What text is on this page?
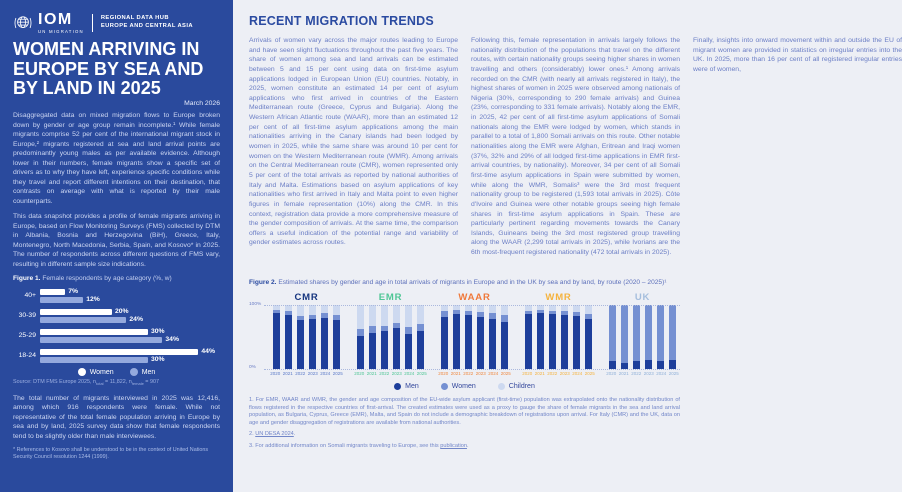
IOM
UN MIGRATION
REGIONAL DATA HUB
EUROPE AND CENTRAL ASIA
WOMEN ARRIVING IN EUROPE BY SEA AND BY LAND IN 2025
March 2026

Disaggregated data on mixed migration flows to Europe broken down by gender or age group remain incomplete.¹ While female migrants comprise 52 per cent of the international migrant stock in Europe,² migrants registered at sea and land arrival points are predominantly young males as per available evidence. Although lower in their numbers, female migrants show a specific set of drivers as to why they have left, experience specific conditions while they travel and report different intentions on their destination, that contrasts on average with what is reported by their male counterparts.

This data snapshot provides a profile of female migrants arriving in Europe, based on Flow Monitoring Surveys (FMS) collected by DTM in Albania, Bosnia and Herzegovina (BiH), Greece, Italy, Montenegro, North Macedonia, Serbia, Spain, and Kosovo* in 2025. The number of respondents across different questions of FMS vary, resulting in different sample size indications.

Figure 1. Female respondents by age category (%, w)
40+
7%
12%
30-39
20%
24%
25-29
30%
34%
18-24
44%
30%
Women	Men
Source: DTM FMS Europe 2025, $n_{total} = 11,822$, $n_{female} = 907$

The total number of migrants interviewed in 2025 was 12,416, among which 916 respondents were female. While not representative of the total female population arriving in Europe by sea and by land, 2025 survey data show that female respondents tend to be slightly older than male interviewees.

* References to Kosovo shall be understood to be in the context of United Nations Security Council resolution 1244 (1999).

RECENT MIGRATION TRENDS

Arrivals of women vary across the major routes leading to Europe and have seen slight fluctuations throughout the past five years. The share of women among sea and land arrivals can be estimated between 5 and 15 per cent using data on first-time asylum applications lodged in European Union (EU) countries. Notably, in 2025, women constitute an estimated 14 per cent of asylum applications who first arrived in countries of the Eastern Mediterranean route (Greece, Cyprus and Bulgaria). Along the Western African Atlantic route (WAAR), more than an estimated 12 per cent of all first-time asylum applications among the main nationalities arriving in the Canary islands had been lodged by women in 2025, while the same share was around 10 per cent for women on the Western Mediterranean route (WMR). Among arrivals on the Central Mediterranean route (CMR), women represented only 5 per cent of the total arrivals as reported by national authorities of Italy and Malta. Estimations based on asylum applications of key nationalities who first arrived in Italy and Malta point to even higher figures in female representation (10%) along the CMR. In this context, registration data provide a more comprehensive measure of the gender composition of arrivals. At the same time, the comparison offers a useful indication of the potential range and variability of gender estimates across routes.

Following this, female representation in arrivals largely follows the nationality distribution of the populations that travel on the different routes, with certain nationality groups seeing higher shares in women travelling and others (considerably) lower ones.¹ Among arrivals recorded on the CMR (with nearly all arrivals registered in Italy), the highest shares of women in 2025 were observed among nationals of Nigeria (30%, corresponding to 290 female arrivals) and Guinea (23%, corresponding to 331 female arrivals). Notably along the EMR, in 2025, 42 per cent of all first-time asylum applications of Somali nationals along the EMR were lodged by women, which stands in parallel to a total of 1,800 Somali arrivals on this route. Other notable nationalities along the EMR were Afghan, Eritrean and Iraqi women (37%, 32% and 29% of all lodged first-time applications in EMR first-arrival countries, by nationality). Moreover, 34 per cent of all Somali first-time asylum applications in Spain were submitted by women, while along the WMR, Somalis³ were the 3rd most frequent nationality group to be registered (1,593 total arrivals in 2025). Côte d'Ivoire and Guinea were other notable groups seeing high female shares in first-time asylum applications in Spain. These are particularly pertinent regarding movements towards the Canary Islands, Guineans being the 3rd most registered group travelling along the WAAR (2,299 total arrivals in 2025), while Ivorians are the 6th most-frequent registered nationality (472 total arrivals in 2025).

Finally, insights into onward movement within and outside the EU of migrant women are provided in statistics on irregular entries into the UK. In 2025, more than 16 per cent of all registered irregular entries were of women,

Figure 2. Estimated shares by gender and age in total arrivals of migrants in Europe and in the UK by sea and by land, by route (2020 – 2025)¹
100%
0%
CMR
2020 2021 2022 2023 2024 2025
EMR
2020 2021 2022 2023 2024 2025
WAAR
2020 2021 2022 2023 2024 2025
WMR
2020 2021 2022 2023 2024 2025
UK
2020 2021 2022 2023 2024 2025
Men	Women	Children

1. For EMR, WAAR and WMR, the gender and age composition of the EU-wide asylum applicant (first-time) population was extrapolated onto the nationality distribution of flows registered in the respective countries of first-arrival. The created estimates were used as a proxy to gauge the share of female migrants in the sea and land arrival population, as Bulgaria, Cyprus, Greece (EMR), Malta, and Spain do not include a demographic breakdown of registrations upon arrival. For Italy (CMR) and the UK, data on age and gender disaggregation of registrations are available from national authorities.

2. UN DESA 2024.

3. For additional information on Somali migrants traveling to Europe, see this publication.
